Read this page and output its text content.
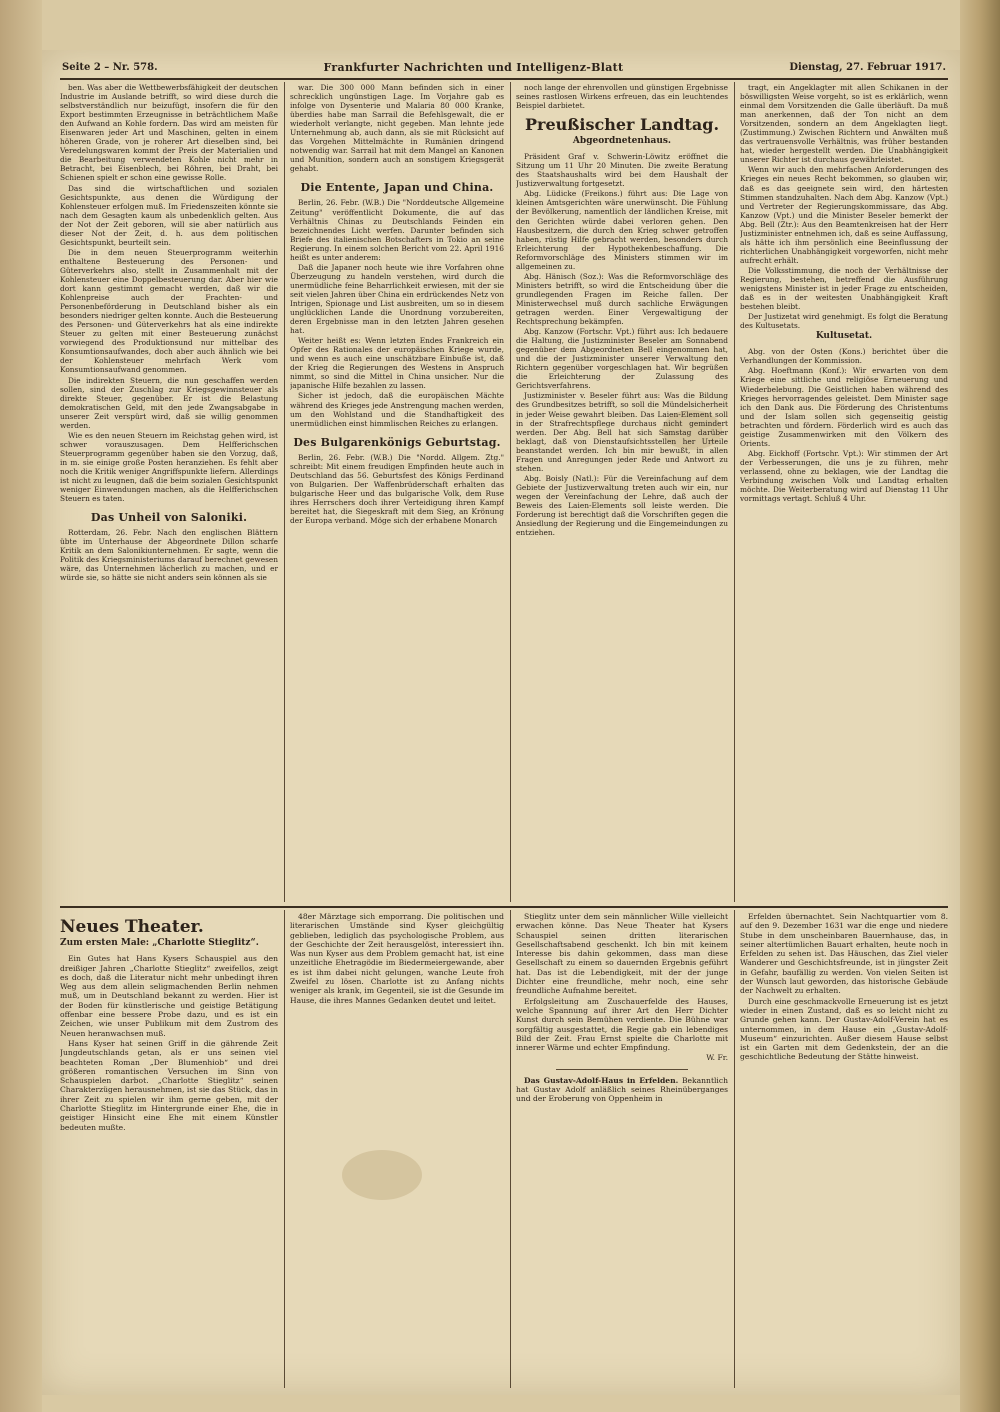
Seite 2 – Nr. 578.	Frankfurter Nachrichten und Intelligenz-Blatt	Dienstag, 27. Februar 1917.

ben. Was aber die Wettbewerbsfähigkeit der deutschen Industrie im Auslande betrifft, so wird diese durch die selbstverständlich nur beizufügt, insofern die für den Export bestimmten Erzeugnisse in beträchtlichem Maße den Aufwand an Kohle fordern. Das wird am meisten für Eisenwaren jeder Art und Maschinen, gelten in einem höheren Grade, von je roherer Art dieselben sind, bei Veredelungswaren kommt der Preis der Materialien und die Bearbeitung verwendeten Kohle nicht mehr in Betracht, bei Eisenblech, bei Röhren, bei Draht, bei Schienen spielt er schon eine gewisse Rolle.

Das sind die wirtschaftlichen und sozialen Gesichtspunkte, aus denen die Würdigung der Kohlensteuer erfolgen muß. Im Friedenszeiten könnte sie nach dem Gesagten kaum als unbedenklich gelten. Aus der Not der Zeit geboren, will sie aber natürlich aus dieser Not der Zeit, d. h. aus dem politischen Gesichtspunkt, beurteilt sein.

Die in dem neuen Steuerprogramm weiterhin enthaltene Besteuerung des Personen- und Güterverkehrs also, stellt in Zusammenhalt mit der Kohlensteuer eine Doppelbesteuerung dar. Aber hier wie dort kann gestimmt gemacht werden, daß wir die Kohlenpreise auch der Frachten- und Personenbeförderung in Deutschland bisher als ein besonders niedriger gelten konnte. Auch die Besteuerung des Personen- und Güterverkehrs hat als eine indirekte Steuer zu gelten mit einer Besteuerung zunächst vorwiegend des Produktionsund nur mittelbar des Konsumtionsaufwandes, doch aber auch ähnlich wie bei der Kohlensteuer mehrfach Werk vom Konsumtionsaufwand genommen.

Die indirekten Steuern, die nun geschaffen werden sollen, sind der Zuschlag zur Kriegsgewinnsteuer als direkte Steuer, gegenüber. Er ist die Belastung demokratischen Geld, mit den jede Zwangsabgabe in unserer Zeit verspürt wird, daß sie willig genommen werden.

Wie es den neuen Steuern im Reichstag gehen wird, ist schwer vorauszusagen. Dem Helfferichschen Steuerprogramm gegenüber haben sie den Vorzug, daß, in m. sie einige große Posten heranziehen. Es fehlt aber noch die Kritik weniger Angriffspunkte liefern. Allerdings ist nicht zu leugnen, daß die beim sozialen Gesichtspunkt weniger Einwendungen machen, als die Helfferichschen Steuern es taten.

Das Unheil von Saloniki.

Rotterdam, 26. Febr. Nach den englischen Blättern übte im Unterhause der Abgeordnete Dillon scharfe Kritik an dem Salonikiunternehmen. Er sagte, wenn die Politik des Kriegsministeriums darauf berechnet gewesen wäre, das Unternehmen lächerlich zu machen, und er würde sie, so hätte sie nicht anders sein können als sie

war. Die 300 000 Mann befinden sich in einer schrecklich ungünstigen Lage. Im Vorjahre gab es infolge von Dysenterie und Malaria 80 000 Kranke, überdies habe man Sarrail die Befehlsgewalt, die er wiederholt verlangte, nicht gegeben. Man lehnte jede Unternehmung ab, auch dann, als sie mit Rücksicht auf das Vorgehen Mittelmächte in Rumänien dringend notwendig war. Sarrail hat mit dem Mangel an Kanonen und Munition, sondern auch an sonstigem Kriegsgerät gehabt.

Die Entente, Japan und China.

Berlin, 26. Febr. (W.B.) Die "Norddeutsche Allgemeine Zeitung" veröffentlicht Dokumente, die auf das Verhältnis Chinas zu Deutschlands Feinden ein bezeichnendes Licht werfen. Darunter befinden sich Briefe des italienischen Botschafters in Tokio an seine Regierung. In einem solchen Bericht vom 22. April 1916 heißt es unter anderem:

Daß die Japaner noch heute wie ihre Vorfahren ohne Überzeugung zu handeln verstehen, wird durch die unermüdliche feine Beharrlichkeit erwiesen, mit der sie seit vielen Jahren über China ein erdrückendes Netz von Intrigen, Spionage und List ausbreiten, um so in diesem unglücklichen Lande die Unordnung vorzubereiten, deren Ergebnisse man in den letzten Jahren gesehen hat.

Weiter heißt es: Wenn letzten Endes Frankreich ein Opfer des Rationales der europäischen Kriege wurde, und wenn es auch eine unschätzbare Einbuße ist, daß der Krieg die Regierungen des Westens in Anspruch nimmt, so sind die Mittel in China unsicher. Nur die japanische Hilfe bezahlen zu lassen.

Sicher ist jedoch, daß die europäischen Mächte während des Krieges jede Anstrengung machen werden, um den Wohlstand und die Standhaftigkeit des unermüdlichen einst himmlischen Reiches zu erlangen.

Des Bulgarenkönigs Geburtstag.

Berlin, 26. Febr. (W.B.) Die "Nordd. Allgem. Ztg." schreibt: Mit einem freudigen Empfinden heute auch in Deutschland das 56. Geburtsfest des Königs Ferdinand von Bulgarien. Der Waffenbrüderschaft erhalten das bulgarische Heer und das bulgarische Volk, dem Ruse ihres Herrschers doch ihrer Verteidigung ihren Kampf bereitet hat, die Siegeskraft mit dem Sieg, an Krönung der Europa verband. Möge sich der erhabene Monarch

noch lange der ehrenvollen und günstigen Ergebnisse seines rastlosen Wirkens erfreuen, das ein leuchtendes Beispiel darbietet.

Preußischer Landtag.
Abgeordnetenhaus.

Präsident Graf v. Schwerin-Löwitz eröffnet die Sitzung um 11 Uhr 20 Minuten. Die zweite Beratung des Staatshaushalts wird bei dem Haushalt der Justizverwaltung fortgesetzt.

Abg. Lüdicke (Freikons.) führt aus: Die Lage von kleinen Amtsgerichten wäre unerwünscht. Die Fühlung der Bevölkerung, namentlich der ländlichen Kreise, mit den Gerichten würde dabei verloren gehen. Den Hausbesitzern, die durch den Krieg schwer getroffen haben, rüstig Hilfe gebracht werden, besonders durch Erleichterung der Hypothekenbeschaffung. Die Reformvorschläge des Ministers stimmen wir im allgemeinen zu.

Abg. Hänisch (Soz.): Was die Reformvorschläge des Ministers betrifft, so wird die Entscheidung über die grundlegenden Fragen im Reiche fallen. Der Ministerwechsel muß durch sachliche Erwägungen getragen werden. Einer Vergewaltigung der Rechtsprechung bekämpfen.

Abg. Kanzow (Fortschr. Vpt.) führt aus: Ich bedauere die Haltung, die Justizminister Beseler am Sonnabend gegenüber dem Abgeordneten Bell eingenommen hat, und die der Justizminister unserer Verwaltung den Richtern gegenüber vorgeschlagen hat. Wir begrüßen die Erleichterung der Zulassung des Gerichtsverfahrens.

Justizminister v. Beseler führt aus: Was die Bildung des Grundbesitzes betrifft, so soll die Mündelsicherheit in jeder Weise gewahrt bleiben. Das Laien-Element soll in der Strafrechtspflege durchaus nicht gemindert werden. Der Abg. Bell hat sich Samstag darüber beklagt, daß von Dienstaufsichtsstellen her Urteile beanstandet werden. Ich bin mir bewußt, in allen Fragen und Anregungen jeder Rede und Antwort zu stehen.

Abg. Boisly (Natl.): Für die Vereinfachung auf dem Gebiete der Justizverwaltung treten auch wir ein, nur wegen der Vereinfachung der Lehre, daß auch der Beweis des Laien-Elements soll leiste werden. Die Forderung ist berechtigt daß die Vorschriften gegen die Ansiedlung der Regierung und die Eingemeindungen zu entziehen.

tragt, ein Angeklagter mit allen Schikanen in der böswilligsten Weise vorgeht, so ist es erklärlich, wenn einmal dem Vorsitzenden die Galle überläuft. Da muß man anerkennen, daß der Ton nicht an dem Vorsitzenden, sondern an dem Angeklagten liegt. (Zustimmung.) Zwischen Richtern und Anwälten muß das vertrauensvolle Verhältnis, was früher bestanden hat, wieder hergestellt werden. Die Unabhängigkeit unserer Richter ist durchaus gewährleistet.

Wenn wir auch den mehrfachen Anforderungen des Krieges ein neues Recht bekommen, so glauben wir, daß es das geeignete sein wird, den härtesten Stimmen standzuhalten. Nach dem Abg. Kanzow (Vpt.) und Vertreter der Regierungskommissare, das Abg. Kanzow (Vpt.) und die Minister Beseler bemerkt der Abg. Bell (Ztr.): Aus den Beamtenkreisen hat der Herr Justizminister entnehmen ich, daß es seine Auffassung, als hätte ich ihm persönlich eine Beeinflussung der richterlichen Unabhängigkeit vorgeworfen, nicht mehr aufrecht erhält.

Die Volksstimmung, die noch der Verhältnisse der Regierung, bestehen, betreffend die Ausführung wenigstens Minister ist in jeder Frage zu entscheiden, daß es in der weitesten Unabhängigkeit Kraft bestehen bleibt.

Der Justizetat wird genehmigt. Es folgt die Beratung des Kultusetats.

Kultusetat.

Abg. von der Osten (Kons.) berichtet über die Verhandlungen der Kommission.

Abg. Hoeftmann (Konf.): Wir erwarten von dem Kriege eine sittliche und religiöse Erneuerung und Wiederbelebung. Die Geistlichen haben während des Krieges hervorragendes geleistet. Dem Minister sage ich den Dank aus. Die Förderung des Christentums und der Islam sollen sich gegenseitig geistig betrachten und fördern. Förderlich wird es auch das geistige Zusammenwirken mit den Völkern des Orients.

Abg. Eickhoff (Fortschr. Vpt.): Wir stimmen der Art der Verbesserungen, die uns je zu führen, mehr verlassend, ohne zu beklagen, wie der Landtag die Verbindung zwischen Volk und Landtag erhalten möchte. Die Weiterberatung wird auf Dienstag 11 Uhr vormittags vertagt. Schluß 4 Uhr.

Neues Theater.
Zum ersten Male: „Charlotte Stieglitz“.

Ein Gutes hat Hans Kysers Schauspiel aus den dreißiger Jahren „Charlotte Stieglitz“ zweifellos, zeigt es doch, daß die Literatur nicht mehr unbedingt ihren Weg aus dem allein seligmachenden Berlin nehmen muß, um in Deutschland bekannt zu werden. Hier ist der Boden für künstlerische und geistige Betätigung offenbar eine bessere Probe dazu, und es ist ein Zeichen, wie unser Publikum mit dem Zustrom des Neuen heranwachsen muß.

Hans Kyser hat seinen Griff in die gährende Zeit Jungdeutschlands getan, als er uns seinen viel beachteten Roman „Der Blumenhiob“ und drei größeren romantischen Versuchen im Sinn von Schauspielen darbot. „Charlotte Stieglitz“ seinen Charakterzügen herausnehmen, ist sie das Stück, das in ihrer Zeit zu spielen wir ihm gerne geben, mit der Charlotte Stieglitz im Hintergrunde einer Ehe, die in geistiger Hinsicht eine Ehe mit einem Künstler bedeuten mußte.

48er Märztage sich emporrang. Die politischen und literarischen Umstände sind Kyser gleichgültig geblieben, lediglich das psychologische Problem, aus der Geschichte der Zeit herausgelöst, interessiert ihn. Was nun Kyser aus dem Problem gemacht hat, ist eine unzeitliche Ehetragödie im Biedermeiergewande, aber es ist ihm dabei nicht gelungen, wanche Leute froh Zweifel zu lösen. Charlotte ist zu Anfang nichts weniger als krank, im Gegenteil, sie ist die Gesunde im Hause, die ihres Mannes Gedanken deutet und leitet.

Stieglitz unter dem sein männlicher Wille vielleicht erwachen könne. Das Neue Theater hat Kysers Schauspiel seinen dritten literarischen Gesellschaftsabend geschenkt. Ich bin mit keinem Interesse bis dahin gekommen, dass man diese Gesellschaft zu einem so dauernden Ergebnis geführt hat. Das ist die Lebendigkeit, mit der der junge Dichter eine freundliche, mehr noch, eine sehr freundliche Aufnahme bereitet.

Erfolgsleitung am Zuschauerfelde des Hauses, welche Spannung auf ihrer Art den Herr Dichter Kunst durch sein Bemühen verdiente. Die Bühne war sorgfältig ausgestattet, die Regie gab ein lebendiges Bild der Zeit. Frau Ernst spielte die Charlotte mit innerer Wärme und echter Empfindung.

W. Fr.

Das Gustav-Adolf-Haus in Erfelden. Bekanntlich hat Gustav Adolf anläßlich seines Rheinüberganges und der Eroberung von Oppenheim in

Erfelden übernachtet. Sein Nachtquartier vom 8. auf den 9. Dezember 1631 war die enge und niedere Stube in dem unscheinbaren Bauernhause, das, in seiner altertümlichen Bauart erhalten, heute noch in Erfelden zu sehen ist. Das Häuschen, das Ziel vieler Wanderer und Geschichtsfreunde, ist in jüngster Zeit in Gefahr, baufällig zu werden. Von vielen Seiten ist der Wunsch laut geworden, das historische Gebäude der Nachwelt zu erhalten.

Durch eine geschmackvolle Erneuerung ist es jetzt wieder in einen Zustand, daß es so leicht nicht zu Grunde gehen kann. Der Gustav-Adolf-Verein hat es unternommen, in dem Hause ein „Gustav-Adolf-Museum“ einzurichten. Außer diesem Hause selbst ist ein Garten mit dem Gedenkstein, der an die geschichtliche Bedeutung der Stätte hinweist.
